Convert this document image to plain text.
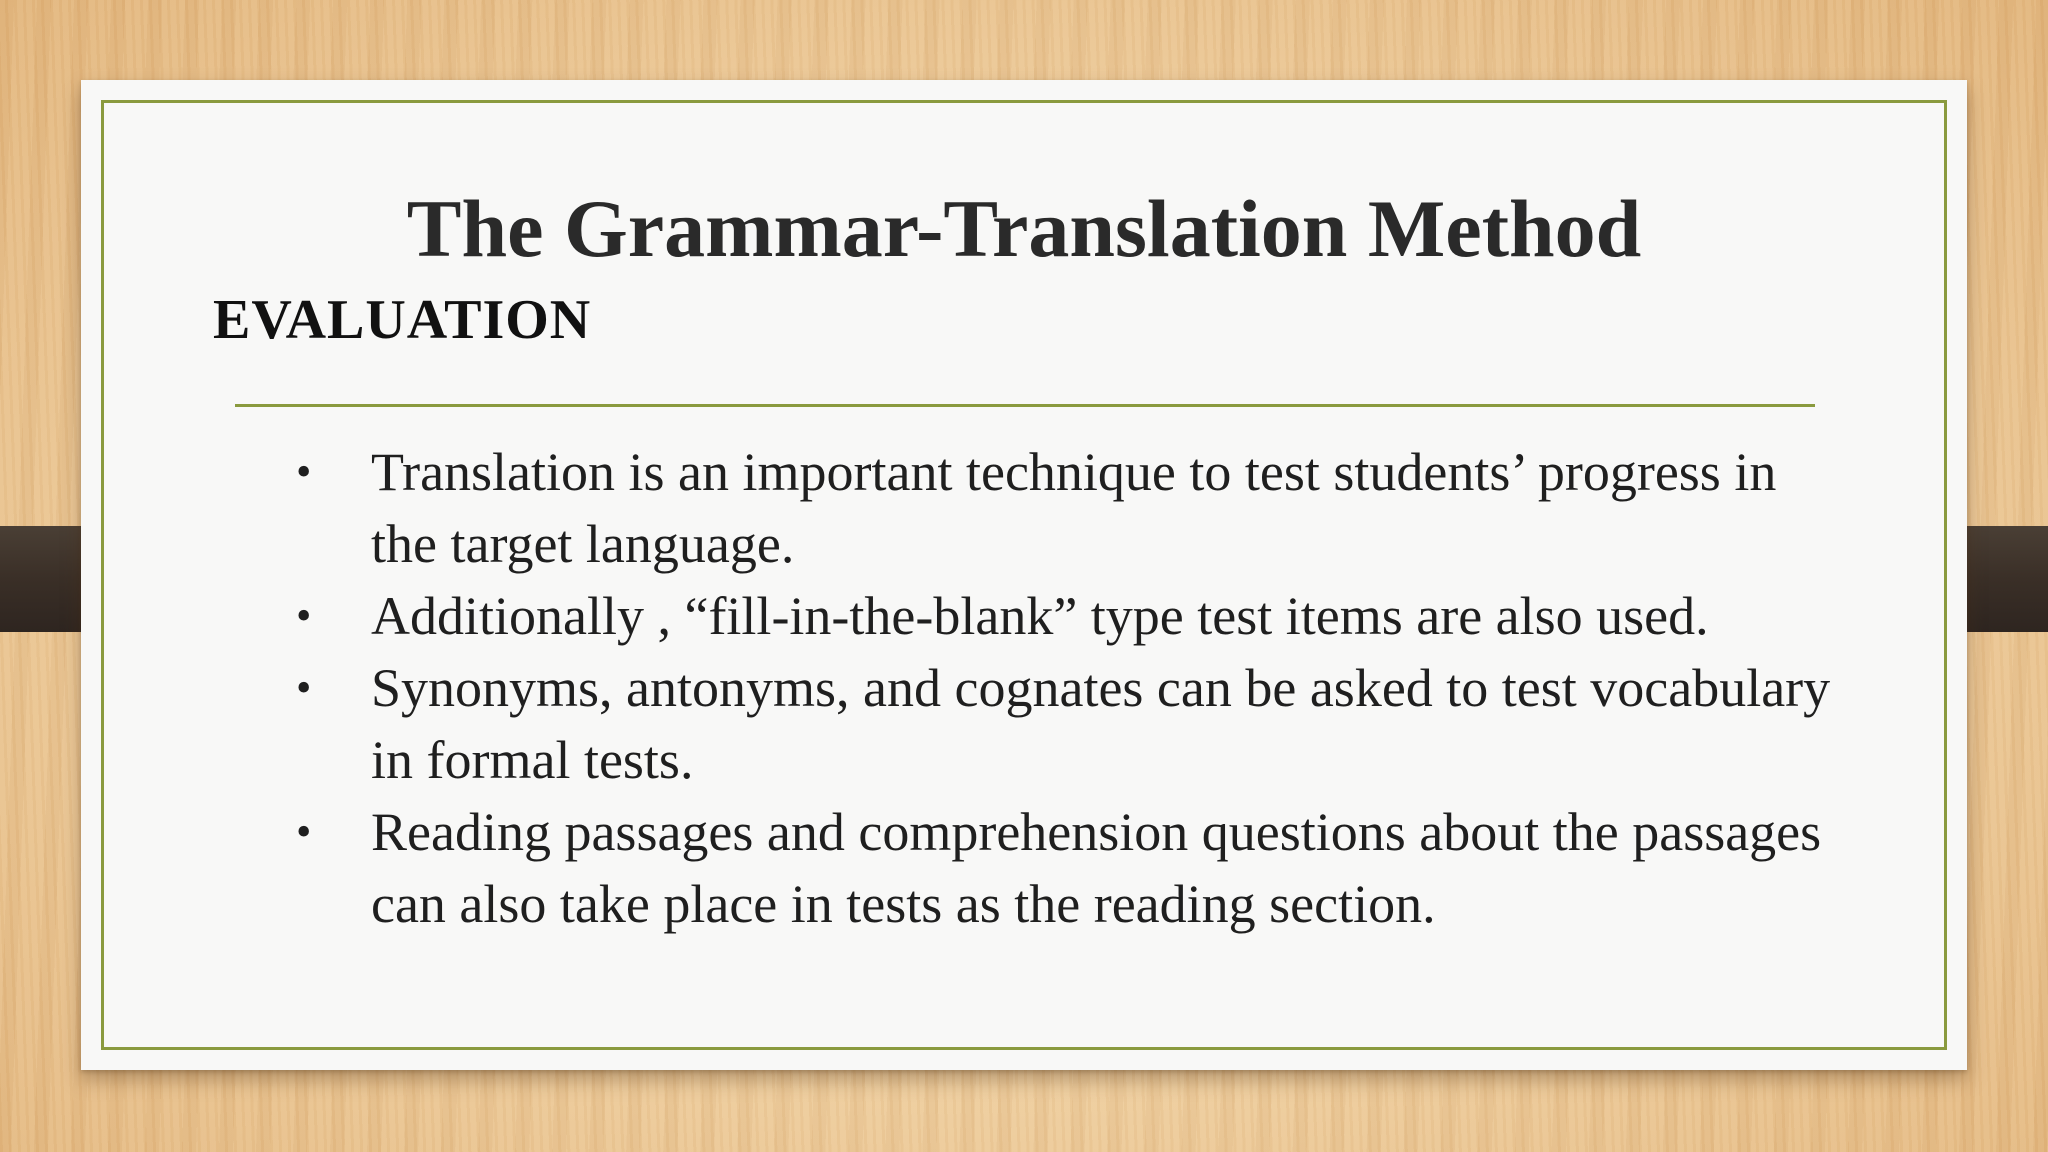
The Grammar-Translation Method
EVALUATION
• Translation is an important technique to test students’ progress in the target language.
• Additionally , “fill-in-the-blank” type test items are also used.
• Synonyms, antonyms, and cognates can be asked to test vocabulary in formal tests.
• Reading passages and comprehension questions about the passages can also take place in tests as the reading section.
